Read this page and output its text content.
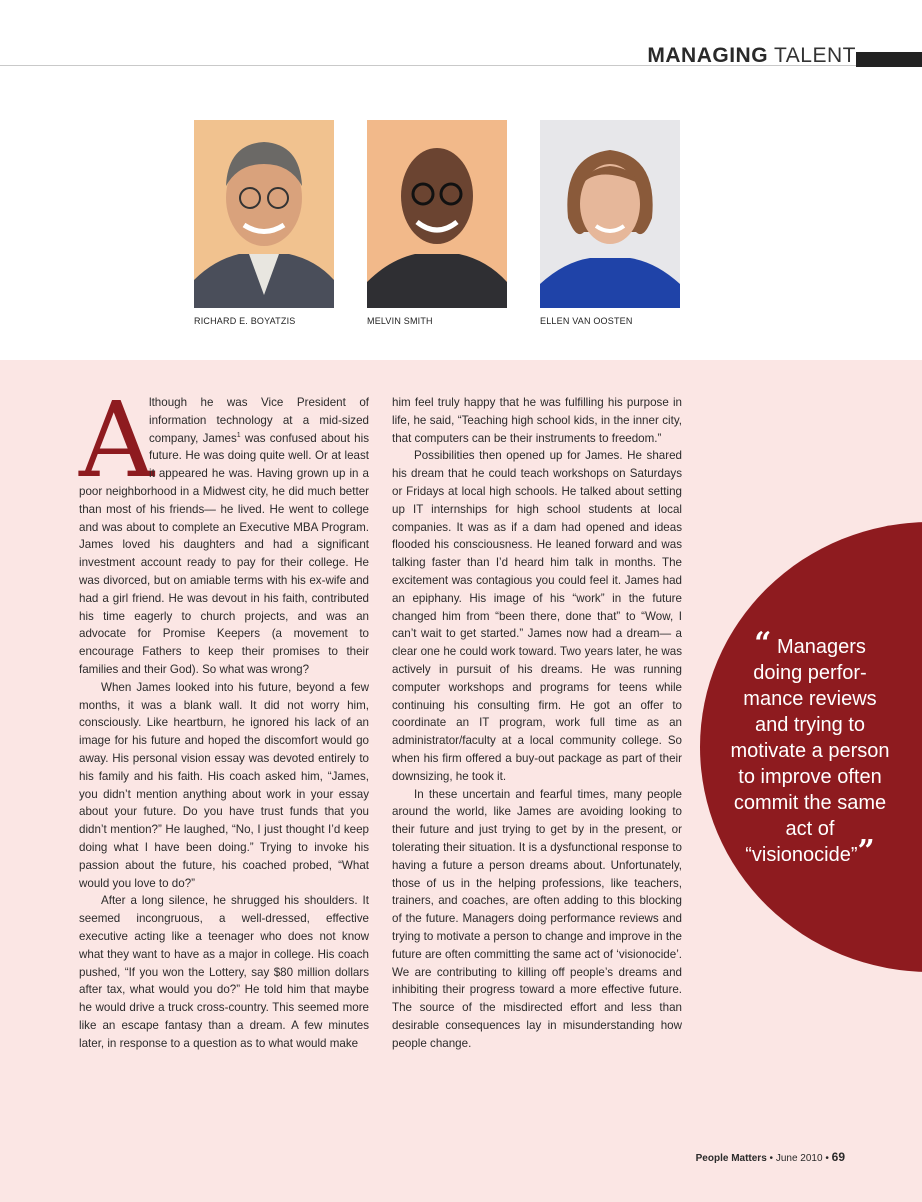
MANAGING TALENT
RICHARD E. BOYATZIS	MELVIN SMITH	ELLEN VAN OOSTEN
“ Managers doing perfor-mance reviews and trying to motivate a person to improve often commit the same act of “visionocide””

A
lthough he was Vice President of information technology at a mid-sized company, James$^1$ was confused about his future. He was doing quite well. Or at least it appeared he was. Having grown up in a poor neighborhood in a Midwest city, he did much better than most of his friends— he lived. He went to college and was about to complete an Executive MBA Program. James loved his daughters and had a significant investment account ready to pay for their college. He was divorced, but on amiable terms with his ex-wife and had a girl friend. He was devout in his faith, contributed his time eagerly to church projects, and was an advocate for Promise Keepers (a movement to encourage Fathers to keep their promises to their families and their God). So what was wrong?

When James looked into his future, beyond a few months, it was a blank wall. It did not worry him, consciously. Like heartburn, he ignored his lack of an image for his future and hoped the discomfort would go away. His personal vision essay was devoted entirely to his family and his faith. His coach asked him, “James, you didn’t mention anything about work in your essay about your future. Do you have trust funds that you didn’t mention?” He laughed, “No, I just thought I’d keep doing what I have been doing.” Trying to invoke his passion about the future, his coached probed, “What would you love to do?”

After a long silence, he shrugged his shoulders. It seemed incongruous, a well-dressed, effective executive acting like a teenager who does not know what they want to have as a major in college. His coach pushed, “If you won the Lottery, say $80 million dollars after tax, what would you do?” He told him that maybe he would drive a truck cross-country. This seemed more like an escape fantasy than a dream. A few minutes later, in response to a question as to what would make

him feel truly happy that he was fulfilling his purpose in life, he said, “Teaching high school kids, in the inner city, that computers can be their instruments to freedom.”

Possibilities then opened up for James. He shared his dream that he could teach workshops on Saturdays or Fridays at local high schools. He talked about setting up IT internships for high school students at local companies. It was as if a dam had opened and ideas flooded his consciousness. He leaned forward and was talking faster than I’d heard him talk in months. The excitement was contagious you could feel it. James had an epiphany. His image of his “work” in the future changed him from “been there, done that” to “Wow, I can’t wait to get started.” James now had a dream— a clear one he could work toward. Two years later, he was actively in pursuit of his dreams. He was running computer workshops and programs for teens while continuing his consulting firm. He got an offer to coordinate an IT program, work full time as an administrator/faculty at a local community college. So when his firm offered a buy-out package as part of their downsizing, he took it.

In these uncertain and fearful times, many people around the world, like James are avoiding looking to their future and just trying to get by in the present, or tolerating their situation. It is a dysfunctional response to having a future a person dreams about. Unfortunately, those of us in the helping professions, like teachers, trainers, and coaches, are often adding to this blocking of the future. Managers doing performance reviews and trying to motivate a person to change and improve in the future are often committing the same act of ‘visionocide’. We are contributing to killing off people’s dreams and inhibiting their progress toward a more effective future. The source of the misdirected effort and less than desirable consequences lay in misunderstanding how people change.

People Matters • June 2010 • 69
